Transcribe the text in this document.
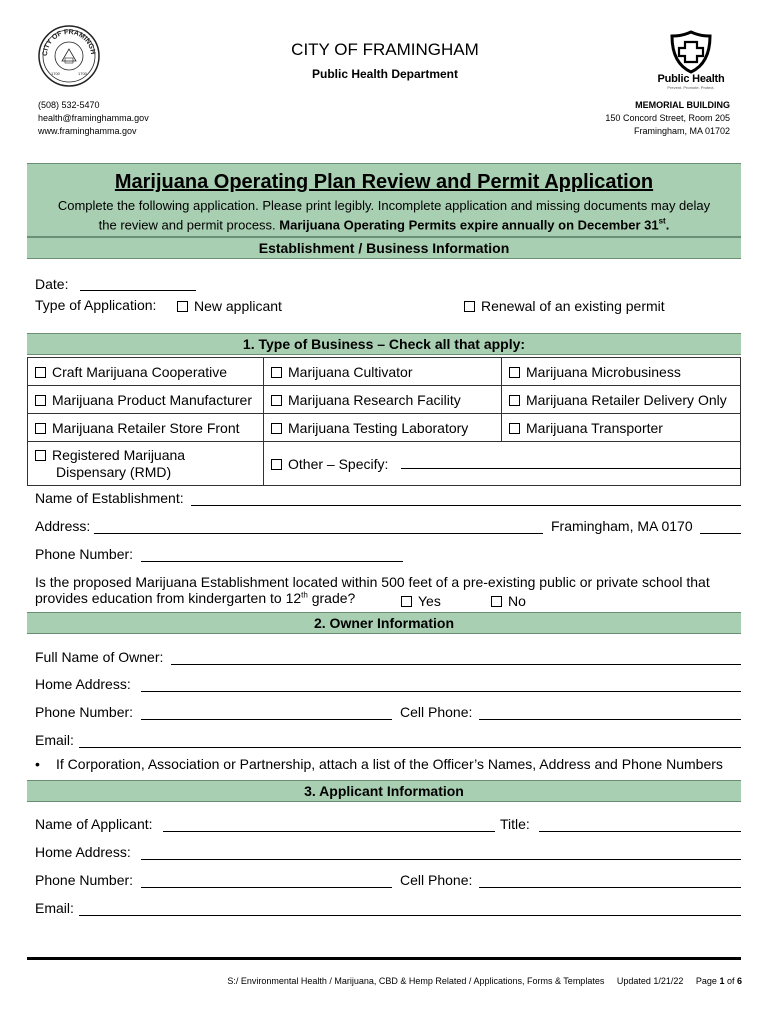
CITY OF FRAMINGH
1700	1700
CITY OF FRAMINGHAM
Public Health Department	Public Health
Prevent. Promote. Protect.
(508) 532-5470
health@framinghamma.gov
www.framinghamma.gov
MEMORIAL BUILDING
150 Concord Street, Room 205
Framingham, MA 01702
Marijuana Operating Plan Review and Permit Application
Complete the following application. Please print legibly. Incomplete application and missing documents may delay
the review and permit process. Marijuana Operating Permits expire annually on December 31st.
Establishment / Business Information
Date:
Type of Application:	New applicant	Renewal of an existing permit
1. Type of Business – Check all that apply:
Craft Marijuana Cooperative	Marijuana Cultivator	Marijuana Microbusiness
Marijuana Product Manufacturer	Marijuana Research Facility	Marijuana Retailer Delivery Only
Marijuana Retailer Store Front	Marijuana Testing Laboratory	Marijuana Transporter
Registered Marijuana
Dispensary (RMD)	Other – Specify:	
Name of Establishment:
Address:	Framingham, MA 0170
Phone Number:
Is the proposed Marijuana Establishment located within 500 feet of a pre-existing public or private school that
provides education from kindergarten to 12th grade?	Yes	No
2. Owner Information
Full Name of Owner:
Home Address:
Phone Number:	Cell Phone:
Email:
• If Corporation, Association or Partnership, attach a list of the Officer’s Names, Address and Phone Numbers
3. Applicant Information
Name of Applicant:	Title:
Home Address:
Phone Number:	Cell Phone:
Email:
S:/ Environmental Health / Marijuana, CBD & Hemp Related / Applications, Forms & Templates Updated 1/21/22 Page 1 of 6
